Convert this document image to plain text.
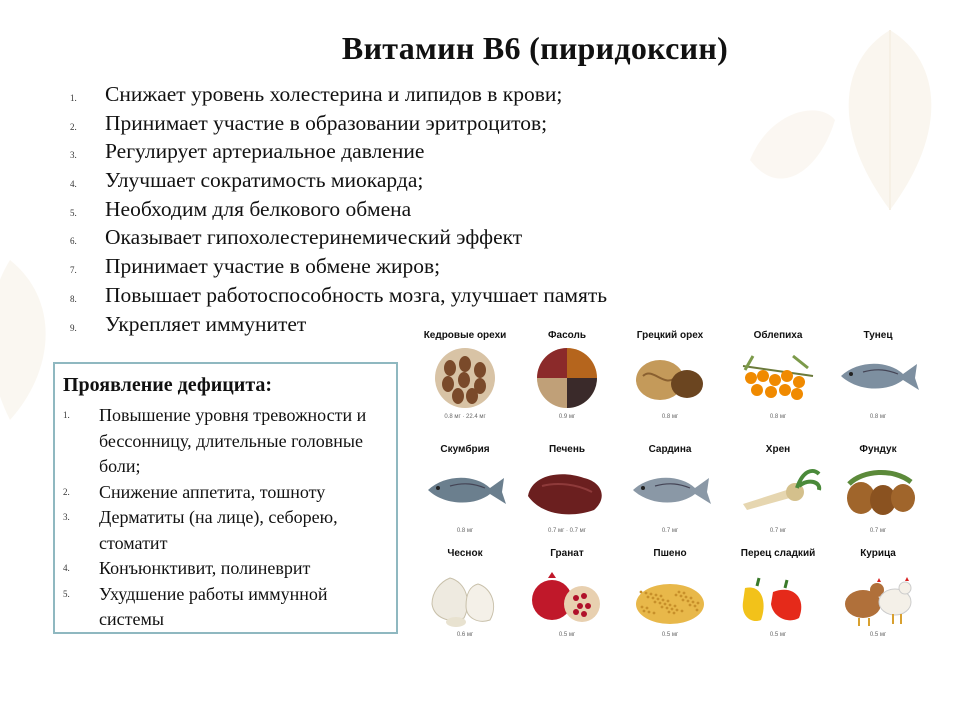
Витамин В6 (пиридоксин)
1.	Снижает уровень холестерина и липидов в крови;
2.	Принимает участие в образовании эритроцитов;
3.	Регулирует артериальное давление
4.	Улучшает сократимость миокарда;
5.	Необходим для белкового обмена
6.	Оказывает гипохолестеринемический эффект
7.	Принимает участие в обмене жиров;
8.	Повышает работоспособность мозга, улучшает память
9.	Укрепляет иммунитет
Проявление дефицита:
1.	Повышение уровня тревожности и бессонницу, длительные головные боли;
2.	Снижение аппетита, тошноту
3.	Дерматиты (на лице), себорею, стоматит
4.	Конъюнктивит, полиневрит
5.	Ухудшение работы иммунной системы
Кедровые орехи
0.8 мг · 22.4 мг
Фасоль
0.9 мг
Грецкий орех
0.8 мг
Облепиха
0.8 мг
Тунец
0.8 мг
Скумбрия
0.8 мг
Печень
0.7 мг · 0.7 мг
Сардина
0.7 мг
Хрен
0.7 мг
Фундук
0.7 мг
Чеснок
0.6 мг
Гранат
0.5 мг
Пшено
0.5 мг
Перец сладкий
0.5 мг
Курица
0.5 мг
